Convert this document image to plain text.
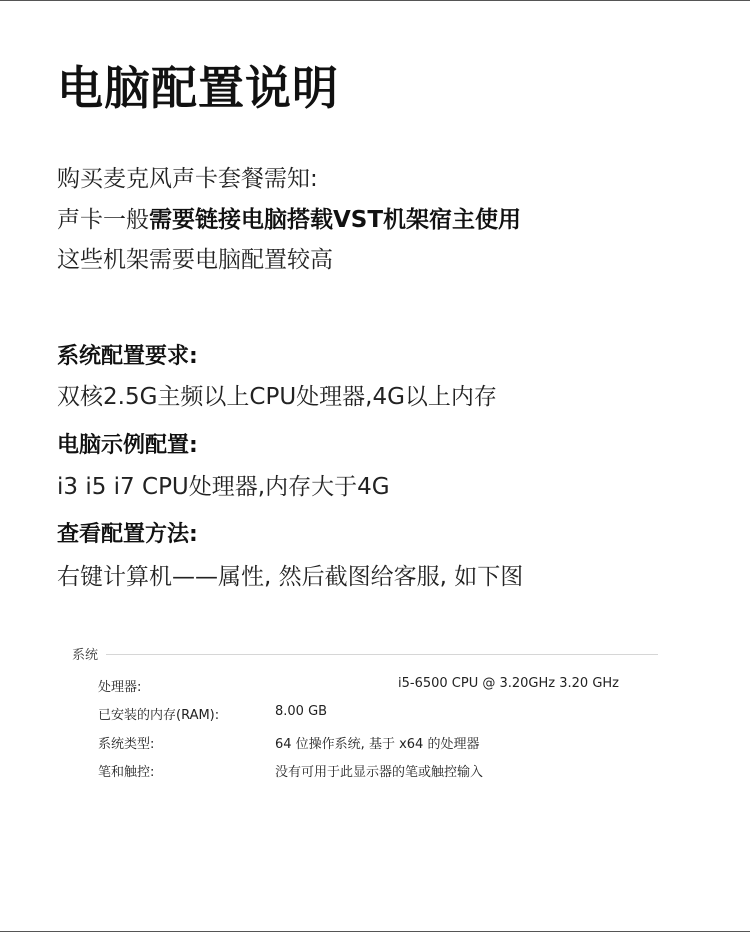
电脑配置说明
购买麦克风声卡套餐需知:
声卡一般需要链接电脑搭载VST机架宿主使用
这些机架需要电脑配置较高
系统配置要求:
双核2.5G主频以上CPU处理器,4G以上内存
电脑示例配置:
i3 i5 i7 CPU处理器,内存大于4G
查看配置方法:
右键计算机——属性, 然后截图给客服, 如下图
系统
处理器:	i5-6500 CPU @ 3.20GHz 3.20 GHz
已安装的内存(RAM):	8.00 GB
系统类型:	64 位操作系统, 基于 x64 的处理器
笔和触控:	没有可用于此显示器的笔或触控输入
